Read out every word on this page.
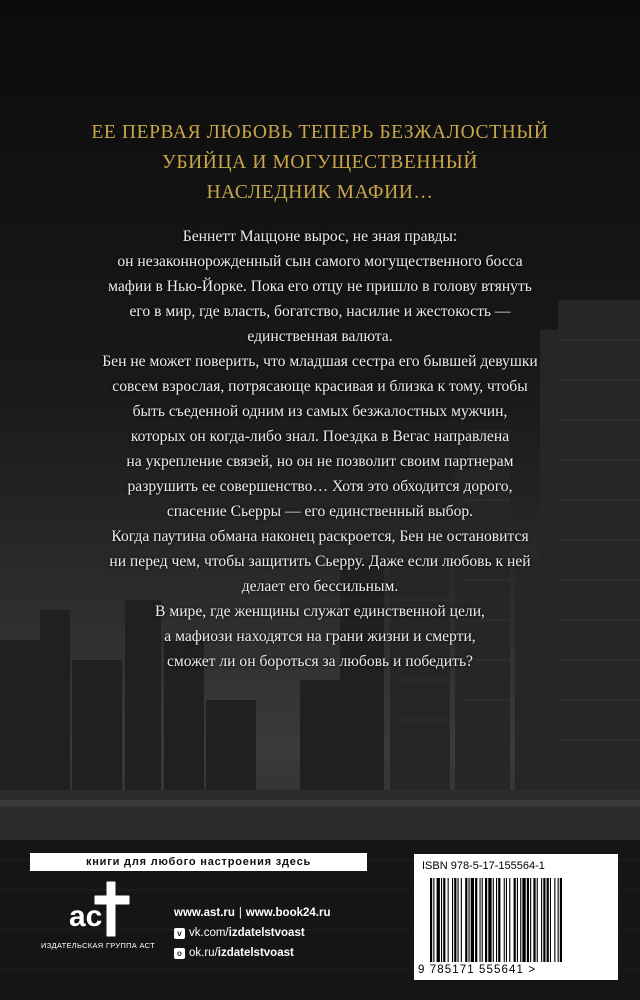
ЕЕ ПЕРВАЯ ЛЮБОВЬ ТЕПЕРЬ БЕЗЖАЛОСТНЫЙ
УБИЙЦА И МОГУЩЕСТВЕННЫЙ
НАСЛЕДНИК МАФИИ…
Беннетт Маццоне вырос, не зная правды:
он незаконнорожденный сын самого могущественного босса
мафии в Нью-Йорке. Пока его отцу не пришло в голову втянуть
его в мир, где власть, богатство, насилие и жестокость —
единственная валюта.
Бен не может поверить, что младшая сестра его бывшей девушки
совсем взрослая, потрясающе красивая и близка к тому, чтобы
быть съеденной одним из самых безжалостных мужчин,
которых он когда-либо знал. Поездка в Вегас направлена
на укрепление связей, но он не позволит своим партнерам
разрушить ее совершенство… Хотя это обходится дорого,
спасение Сьерры — его единственный выбор.
Когда паутина обмана наконец раскроется, Бен не остановится
ни перед чем, чтобы защитить Сьерру. Даже если любовь к ней
делает его бессильным.
В мире, где женщины служат единственной цели,
а мафиози находятся на грани жизни и смерти,
сможет ли он бороться за любовь и победить?
книги для любого настроения здесь
ас
ИЗДАТЕЛЬСКАЯ ГРУППА АСТ
www.ast.ru | www.book24.ru
v vk.com/ izdatelstvoast
o ok.ru/ izdatelstvoast
ISBN 978-5-17-155564-1
9 785171 555641 >
